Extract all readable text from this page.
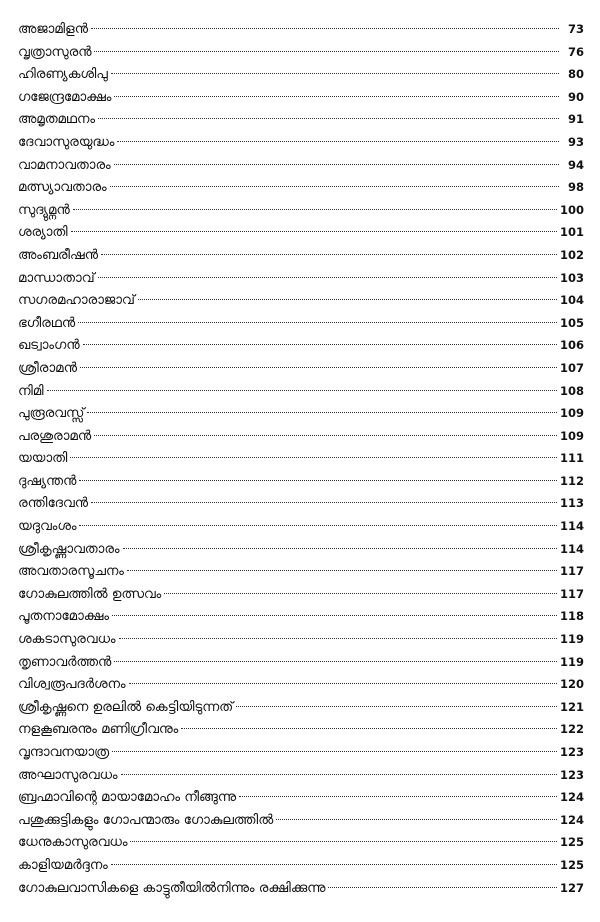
അജാമിളൻ	73
വൃത്രാസുരൻ	76
ഹിരണ്യകശിപു	80
ഗജേന്ദ്രമോക്ഷം	90
അമൃതമഥനം	91
ദേവാസുരയുദ്ധം	93
വാമനാവതാരം	94
മത്സ്യാവതാരം	98
സുദ്യുമ്നൻ	100
ശര്യാതി	101
അംബരീഷൻ	102
മാന്ധാതാവ്	103
സഗരമഹാരാജാവ്	104
ഭഗീരഥൻ	105
ഖട്വാംഗൻ	106
ശ്രീരാമൻ	107
നിമി	108
പുരൂരവസ്സ്	109
പരശുരാമൻ	109
യയാതി	111
ദുഷ്യന്തൻ	112
രന്തിദേവൻ	113
യദുവംശം	114
ശ്രീകൃഷ്ണാവതാരം	114
അവതാരസൂചനം	117
ഗോകുലത്തിൽ ഉത്സവം	117
പൂതനാമോക്ഷം	118
ശകടാസുരവധം	119
തൃണാവർത്തൻ	119
വിശ്വരൂപദർശനം	120
ശ്രീകൃഷ്ണനെ ഉരലിൽ കെട്ടിയിടുന്നത്	121
നളകൂബരനും മണിഗ്രീവനും	122
വൃന്ദാവനയാത്ര	123
അഘാസുരവധം	123
ബ്രഹ്മാവിന്റെ മായാമോഹം നീങ്ങുന്നു	124
പശുക്കുട്ടികളും ഗോപന്മാരും ഗോകുലത്തിൽ	124
ധേനുകാസുരവധം	125
കാളിയമർദ്ദനം	125
ഗോകുലവാസികളെ കാട്ടുതീയിൽനിന്നും രക്ഷിക്കുന്നു	127
